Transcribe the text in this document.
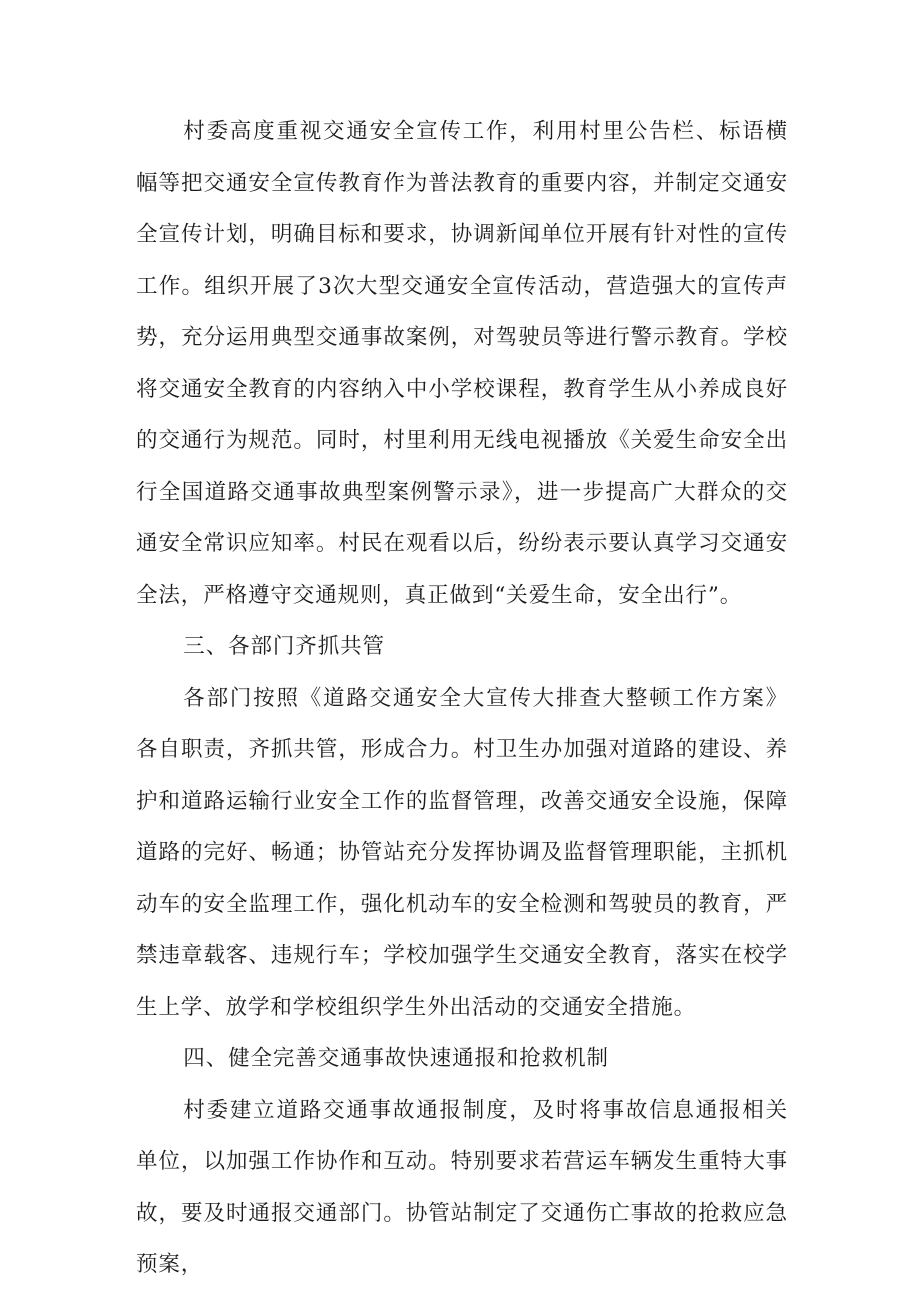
村委高度重视交通安全宣传工作，利用村里公告栏、标语横幅等把交通安全宣传教育作为普法教育的重要内容，并制定交通安全宣传计划，明确目标和要求，协调新闻单位开展有针对性的宣传工作。组织开展了3次大型交通安全宣传活动，营造强大的宣传声势，充分运用典型交通事故案例，对驾驶员等进行警示教育。学校将交通安全教育的内容纳入中小学校课程，教育学生从小养成良好的交通行为规范。同时，村里利用无线电视播放《关爱生命安全出行全国道路交通事故典型案例警示录》，进一步提高广大群众的交通安全常识应知率。村民在观看以后，纷纷表示要认真学习交通安全法，严格遵守交通规则，真正做到“关爱生命，安全出行”。

三、各部门齐抓共管

各部门按照《道路交通安全大宣传大排查大整顿工作方案》各自职责，齐抓共管，形成合力。村卫生办加强对道路的建设、养护和道路运输行业安全工作的监督管理，改善交通安全设施，保障道路的完好、畅通；协管站充分发挥协调及监督管理职能，主抓机动车的安全监理工作，强化机动车的安全检测和驾驶员的教育，严禁违章载客、违规行车；学校加强学生交通安全教育，落实在校学生上学、放学和学校组织学生外出活动的交通安全措施。

四、健全完善交通事故快速通报和抢救机制

村委建立道路交通事故通报制度，及时将事故信息通报相关单位，以加强工作协作和互动。特别要求若营运车辆发生重特大事故，要及时通报交通部门。协管站制定了交通伤亡事故的抢救应急预案，
